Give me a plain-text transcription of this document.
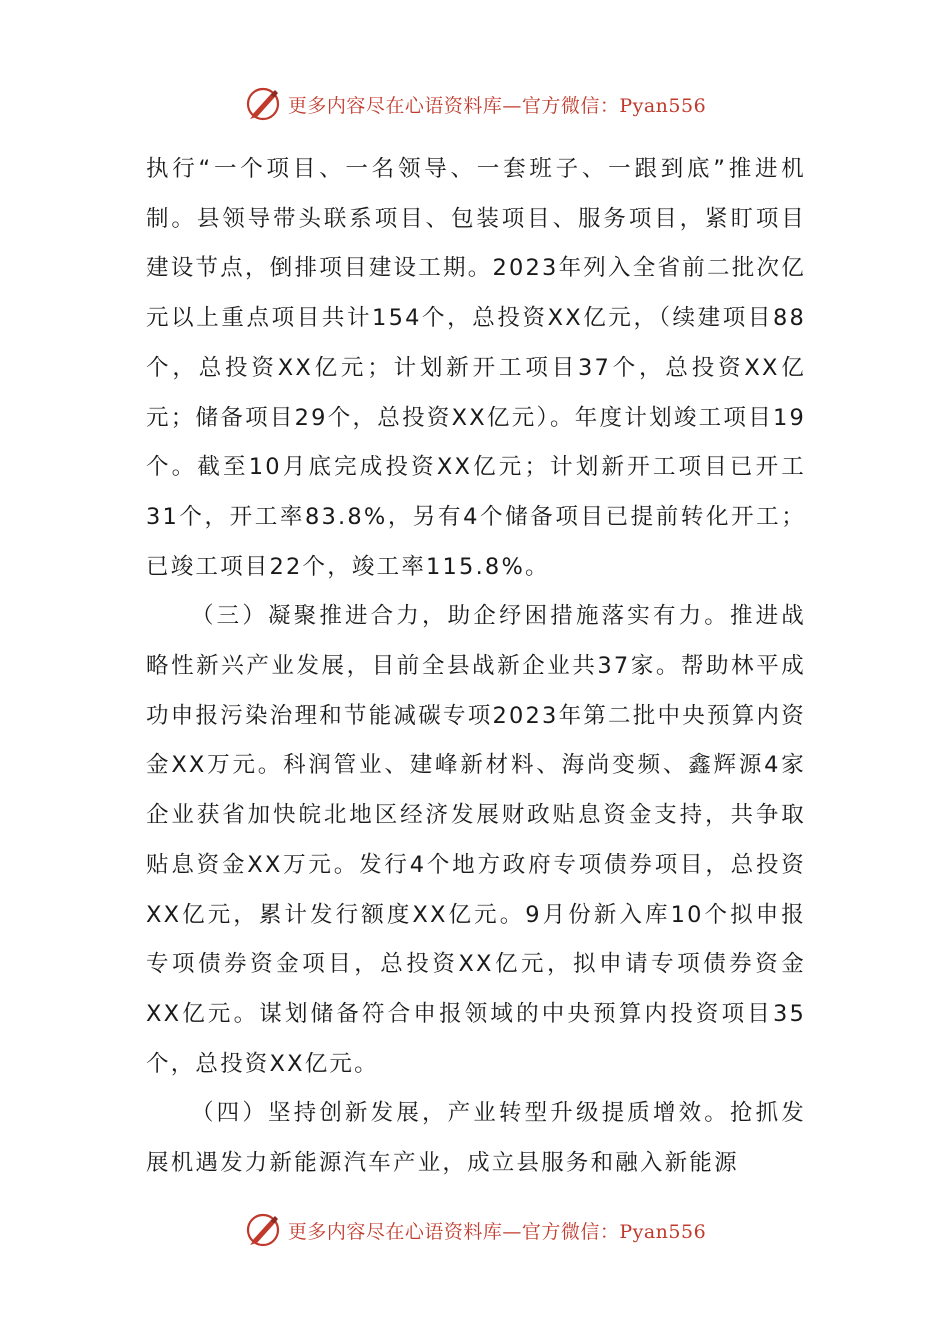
更多内容尽在心语资料库—官方微信：Pyan556

执行“一个项目、一名领导、一套班子、一跟到底”推进机制。县领导带头联系项目、包装项目、服务项目，紧盯项目建设节点，倒排项目建设工期。2023年列入全省前二批次亿元以上重点项目共计154个，总投资XX亿元，（续建项目88个，总投资XX亿元；计划新开工项目37个，总投资XX亿元；储备项目29个，总投资XX亿元）。年度计划竣工项目19个。截至10月底完成投资XX亿元；计划新开工项目已开工31个，开工率83.8%，另有4个储备项目已提前转化开工；已竣工项目22个，竣工率115.8%。

（三）凝聚推进合力，助企纾困措施落实有力。推进战略性新兴产业发展，目前全县战新企业共37家。帮助林平成功申报污染治理和节能减碳专项2023年第二批中央预算内资金XX万元。科润管业、建峰新材料、海尚变频、鑫辉源4家企业获省加快皖北地区经济发展财政贴息资金支持，共争取贴息资金XX万元。发行4个地方政府专项债券项目，总投资XX亿元，累计发行额度XX亿元。9月份新入库10个拟申报专项债券资金项目，总投资XX亿元，拟申请专项债券资金XX亿元。谋划储备符合申报领域的中央预算内投资项目35个，总投资XX亿元。

（四）坚持创新发展，产业转型升级提质增效。抢抓发展机遇发力新能源汽车产业，成立县服务和融入新能源

更多内容尽在心语资料库—官方微信：Pyan556
